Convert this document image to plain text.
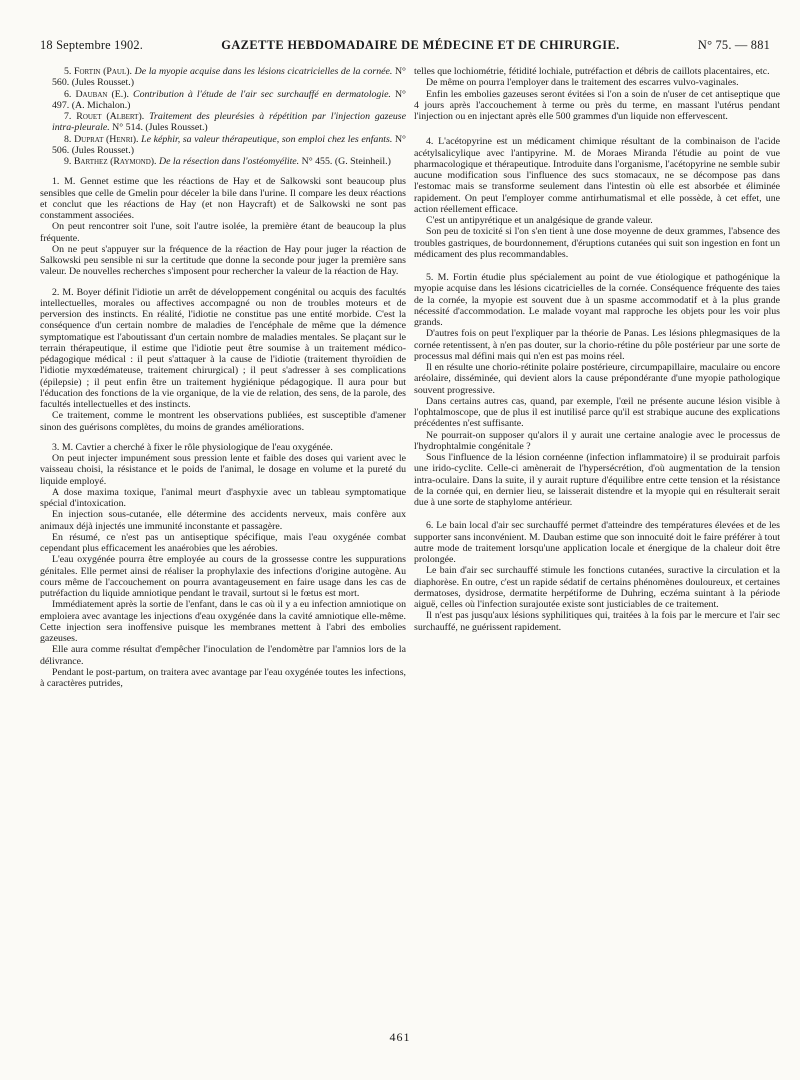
18 Septembre 1902.	GAZETTE HEBDOMADAIRE DE MÉDECINE ET DE CHIRURGIE.	N° 75. — 881

5. Fortin (Paul). De la myopie acquise dans les lésions cicatricielles de la cornée. N° 560. (Jules Rousset.)

6. Dauban (E.). Contribution à l'étude de l'air sec surchauffé en dermatologie. N° 497. (A. Michalon.)

7. Rouet (Albert). Traitement des pleurésies à répétition par l'injection gazeuse intra-pleurale. N° 514. (Jules Rousset.)

8. Duprat (Henri). Le képhir, sa valeur thérapeutique, son emploi chez les enfants. N° 506. (Jules Rousset.)

9. Barthez (Raymond). De la résection dans l'ostéomyélite. N° 455. (G. Steinheil.)

1. M. Gennet estime que les réactions de Hay et de Salkowski sont beaucoup plus sensibles que celle de Gmelin pour déceler la bile dans l'urine. Il compare les deux réactions et conclut que les réactions de Hay (et non Haycraft) et de Salkowski ne sont pas constamment associées.

On peut rencontrer soit l'une, soit l'autre isolée, la première étant de beaucoup la plus fréquente.

On ne peut s'appuyer sur la fréquence de la réaction de Hay pour juger la réaction de Salkowski peu sensible ni sur la certitude que donne la seconde pour juger la première sans valeur. De nouvelles recherches s'imposent pour rechercher la valeur de la réaction de Hay.

2. M. Boyer définit l'idiotie un arrêt de développement congénital ou acquis des facultés intellectuelles, morales ou affectives accompagné ou non de troubles moteurs et de perversion des instincts. En réalité, l'idiotie ne constitue pas une entité morbide. C'est la conséquence d'un certain nombre de maladies de l'encéphale de même que la démence symptomatique est l'aboutissant d'un certain nombre de maladies mentales. Se plaçant sur le terrain thérapeutique, il estime que l'idiotie peut être soumise à un traitement médico-pédagogique médical : il peut s'attaquer à la cause de l'idiotie (traitement thyroïdien de l'idiotie myxœdémateuse, traitement chirurgical) ; il peut s'adresser à ses complications (épilepsie) ; il peut enfin être un traitement hygiénique pédagogique. Il aura pour but l'éducation des fonctions de la vie organique, de la vie de relation, des sens, de la parole, des facultés intellectuelles et des instincts.

Ce traitement, comme le montrent les observations publiées, est susceptible d'amener sinon des guérisons complètes, du moins de grandes améliorations.

3. M. Cavtier a cherché à fixer le rôle physiologique de l'eau oxygénée.

On peut injecter impunément sous pression lente et faible des doses qui varient avec le vaisseau choisi, la résistance et le poids de l'animal, le dosage en volume et la pureté du liquide employé.

A dose maxima toxique, l'animal meurt d'asphyxie avec un tableau symptomatique spécial d'intoxication.

En injection sous-cutanée, elle détermine des accidents nerveux, mais confère aux animaux déjà injectés une immunité inconstante et passagère.

En résumé, ce n'est pas un antiseptique spécifique, mais l'eau oxygénée combat cependant plus efficacement les anaérobies que les aérobies.

L'eau oxygénée pourra être employée au cours de la grossesse contre les suppurations génitales. Elle permet ainsi de réaliser la prophylaxie des infections d'origine autogène. Au cours même de l'accouchement on pourra avantageusement en faire usage dans les cas de putréfaction du liquide amniotique pendant le travail, surtout si le fœtus est mort.

Immédiatement après la sortie de l'enfant, dans le cas où il y a eu infection amniotique on emploiera avec avantage les injections d'eau oxygénée dans la cavité amniotique elle-même. Cette injection sera inoffensive puisque les membranes mettent à l'abri des embolies gazeuses.

Elle aura comme résultat d'empêcher l'inoculation de l'endomètre par l'amnios lors de la délivrance.

Pendant le post-partum, on traitera avec avantage par l'eau oxygénée toutes les infections, à caractères putrides,

telles que lochiométrie, fétidité lochiale, putréfaction et débris de caillots placentaires, etc.

De même on pourra l'employer dans le traitement des escarres vulvo-vaginales.

Enfin les embolies gazeuses seront évitées si l'on a soin de n'user de cet antiseptique que 4 jours après l'accouchement à terme ou près du terme, en massant l'utérus pendant l'injection ou en injectant après elle 500 grammes d'un liquide non effervescent.

4. L'acétopyrine est un médicament chimique résultant de la combinaison de l'acide acétylsalicylique avec l'antipyrine. M. de Moraes Miranda l'étudie au point de vue pharmacologique et thérapeutique. Introduite dans l'organisme, l'acétopyrine ne semble subir aucune modification sous l'influence des sucs stomacaux, ne se décompose pas dans l'estomac mais se transforme seulement dans l'intestin où elle est absorbée et éliminée rapidement. On peut l'employer comme antirhumatismal et elle possède, à cet effet, une action réellement efficace.

C'est un antipyrétique et un analgésique de grande valeur.

Son peu de toxicité si l'on s'en tient à une dose moyenne de deux grammes, l'absence des troubles gastriques, de bourdonnement, d'éruptions cutanées qui suit son ingestion en font un médicament des plus recommandables.

5. M. Fortin étudie plus spécialement au point de vue étiologique et pathogénique la myopie acquise dans les lésions cicatricielles de la cornée. Conséquence fréquente des taies de la cornée, la myopie est souvent due à un spasme accommodatif et à la plus grande nécessité d'accommodation. Le malade voyant mal rapproche les objets pour les voir plus grands.

D'autres fois on peut l'expliquer par la théorie de Panas. Les lésions phlegmasiques de la cornée retentissent, à n'en pas douter, sur la chorio-rétine du pôle postérieur par une sorte de processus mal défini mais qui n'en est pas moins réel.

Il en résulte une chorio-rétinite polaire postérieure, circumpapillaire, maculaire ou encore aréolaire, disséminée, qui devient alors la cause prépondérante d'une myopie pathologique souvent progressive.

Dans certains autres cas, quand, par exemple, l'œil ne présente aucune lésion visible à l'ophtalmoscope, que de plus il est inutilisé parce qu'il est strabique aucune des explications précédentes n'est suffisante.

Ne pourrait-on supposer qu'alors il y aurait une certaine analogie avec le processus de l'hydrophtalmie congénitale ?

Sous l'influence de la lésion cornéenne (infection inflammatoire) il se produirait parfois une irido-cyclite. Celle-ci amènerait de l'hypersécrétion, d'où augmentation de la tension intra-oculaire. Dans la suite, il y aurait rupture d'équilibre entre cette tension et la résistance de la cornée qui, en dernier lieu, se laisserait distendre et la myopie qui en résulterait serait due à une sorte de staphylome antérieur.

6. Le bain local d'air sec surchauffé permet d'atteindre des températures élevées et de les supporter sans inconvénient. M. Dauban estime que son innocuité doit le faire préférer à tout autre mode de traitement lorsqu'une application locale et énergique de la chaleur doit être prolongée.

Le bain d'air sec surchauffé stimule les fonctions cutanées, suractive la circulation et la diaphorèse. En outre, c'est un rapide sédatif de certains phénomènes douloureux, et certaines dermatoses, dysidrose, dermatite herpétiforme de Duhring, eczéma suintant à la période aiguë, celles où l'infection surajoutée existe sont justiciables de ce traitement.

Il n'est pas jusqu'aux lésions syphilitiques qui, traitées à la fois par le mercure et l'air sec surchauffé, ne guérissent rapidement.

461
